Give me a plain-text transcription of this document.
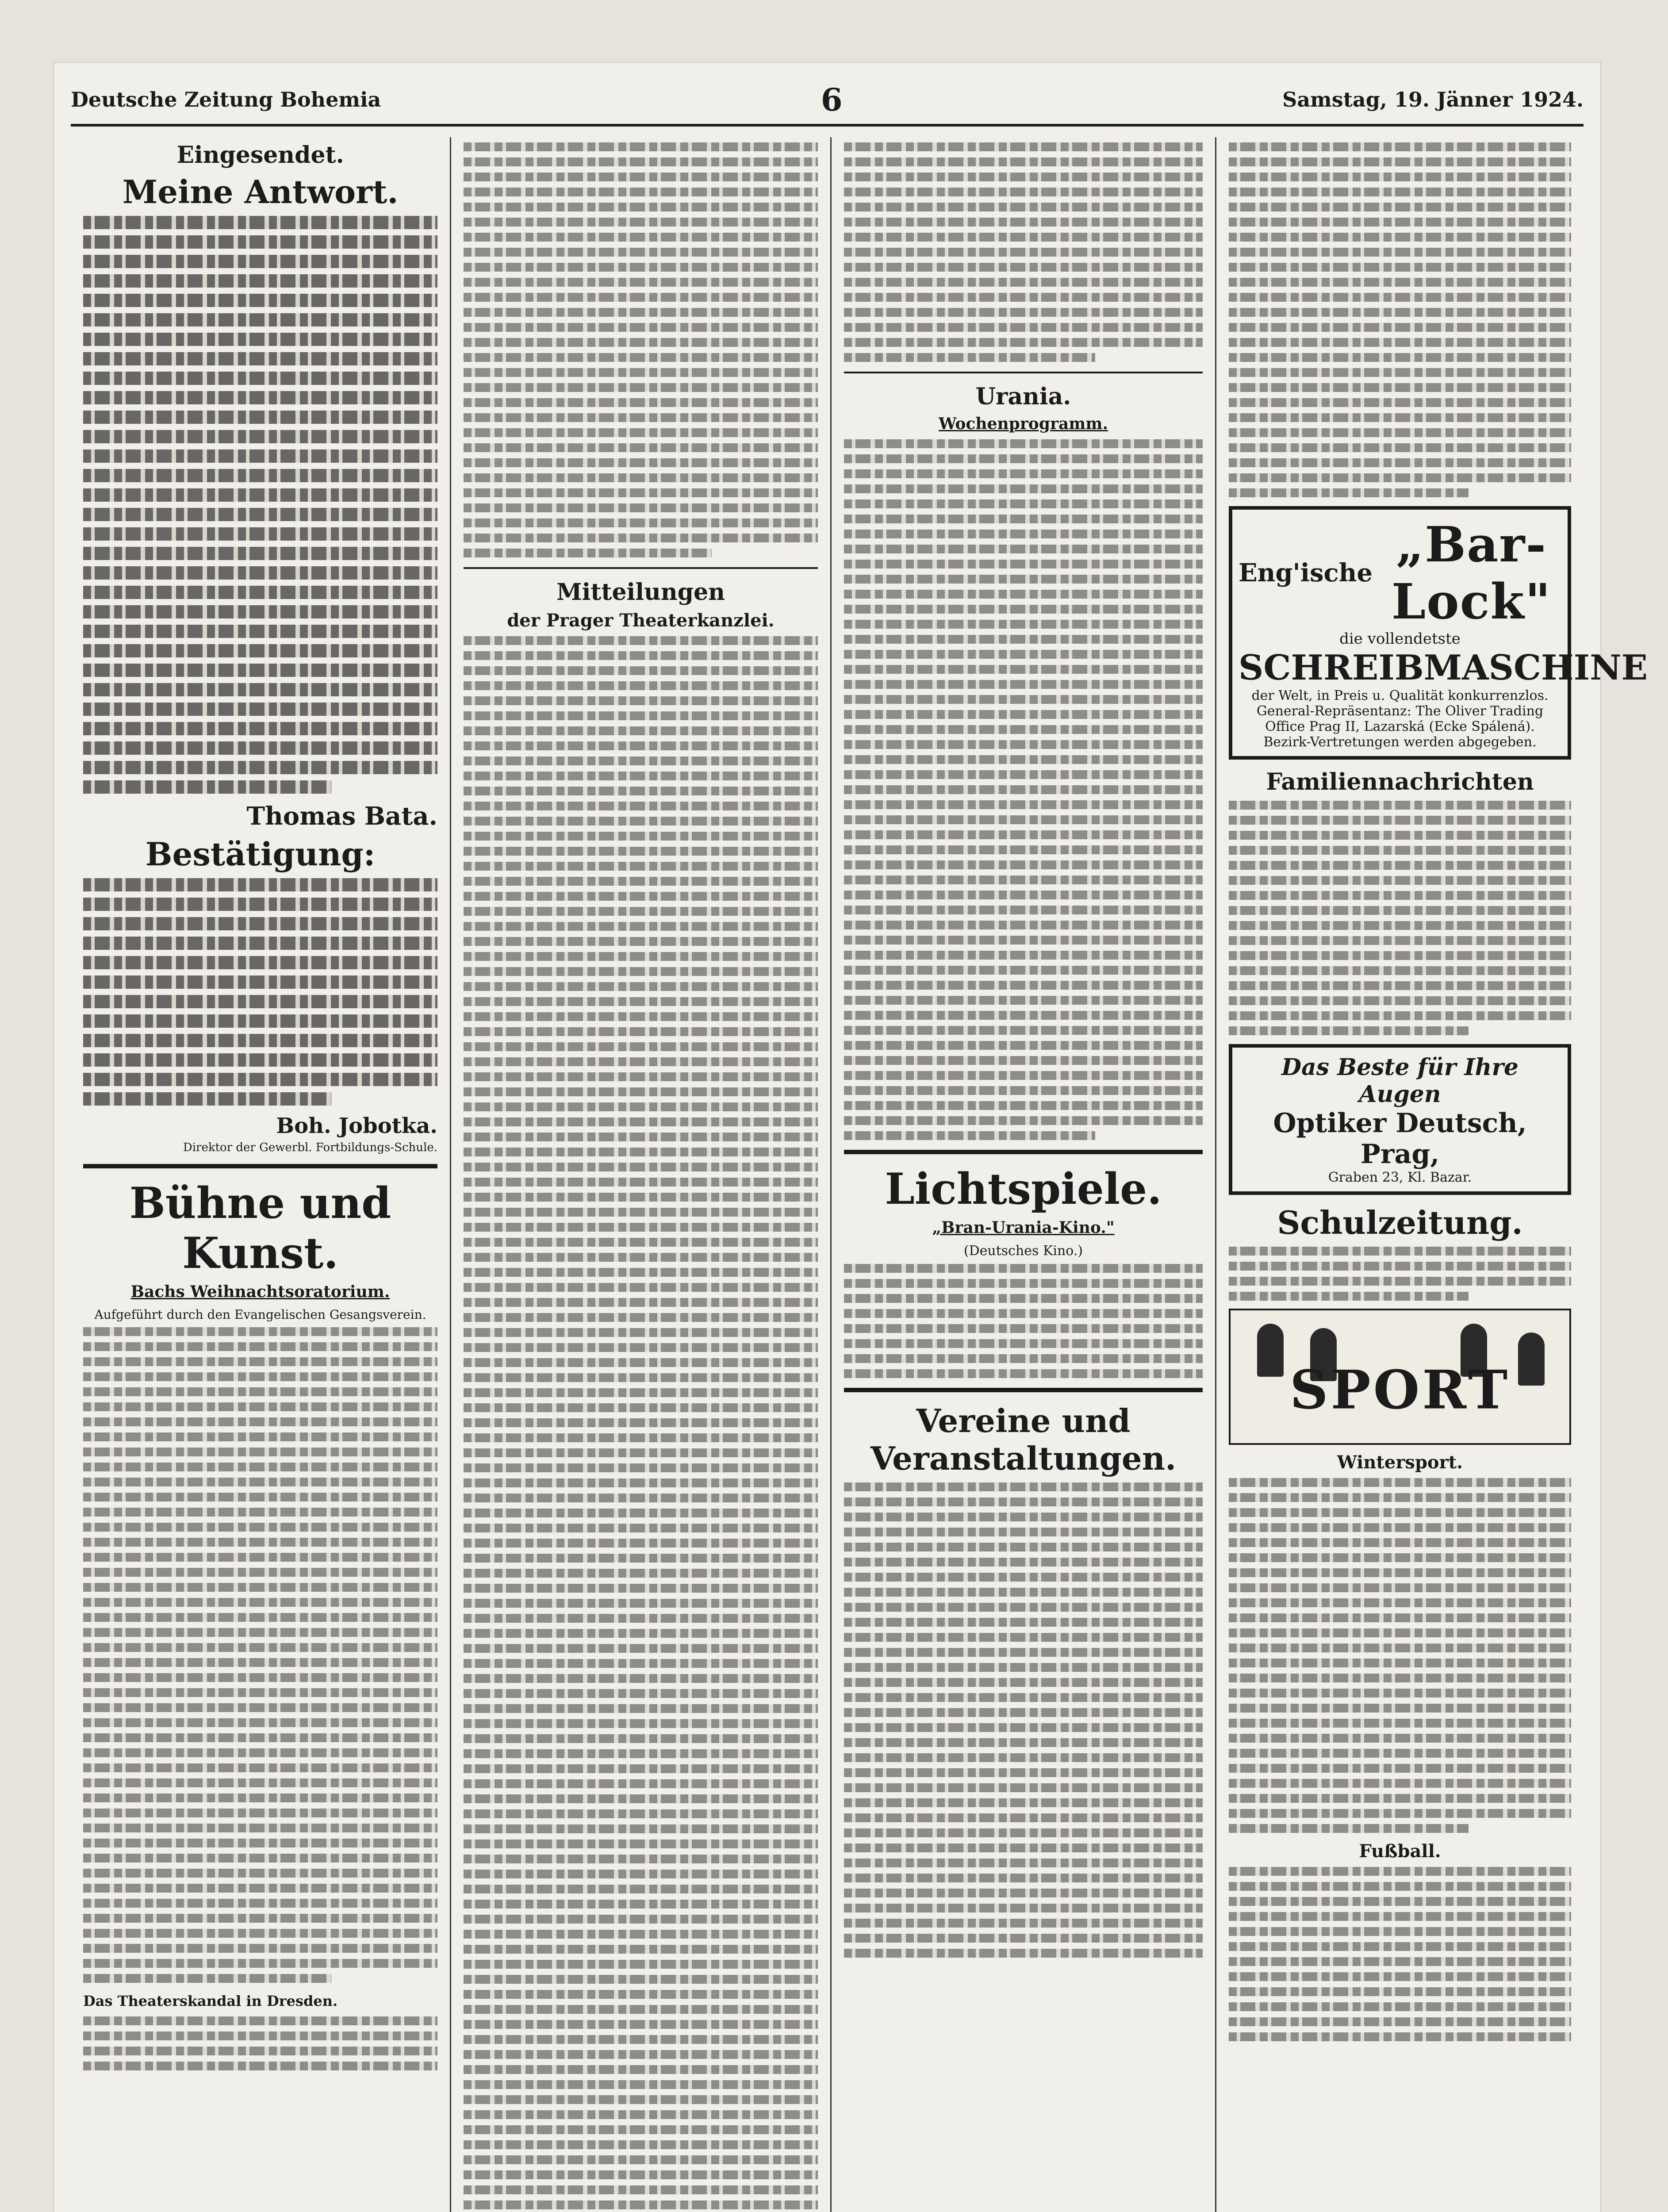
Deutsche Zeitung Bohemia	6	Samstag, 19. Jänner 1924.
Eingesendet.
Meine Antwort.
Thomas Bata.
Bestätigung:
Boh. Jobotka.
Direktor der Gewerbl. Fortbildungs-Schule.
Bühne und Kunst.
Bachs Weihnachtsoratorium.
Aufgeführt durch den Evangelischen Gesangsverein.
Das Theaterskandal in Dresden.
Mitteilungen
der Prager Theaterkanzlei.
Urania.
Wochenprogramm.
Lichtspiele.
„Bran-Urania-Kino."
(Deutsches Kino.)
Vereine und Veranstaltungen.
Eng'ische „Bar-Lock"
die vollendetste
SCHREIBMASCHINE
der Welt, in Preis u. Qualität konkurrenzlos.
General-Repräsentanz: The Oliver Trading Office Prag II, Lazarská (Ecke Spálená).
Bezirk-Vertretungen werden abgegeben.
Familiennachrichten
Das Beste für Ihre Augen
Optiker Deutsch, Prag,
Graben 23, Kl. Bazar.
Schulzeitung.
SPORT
Wintersport.
Fußball.
